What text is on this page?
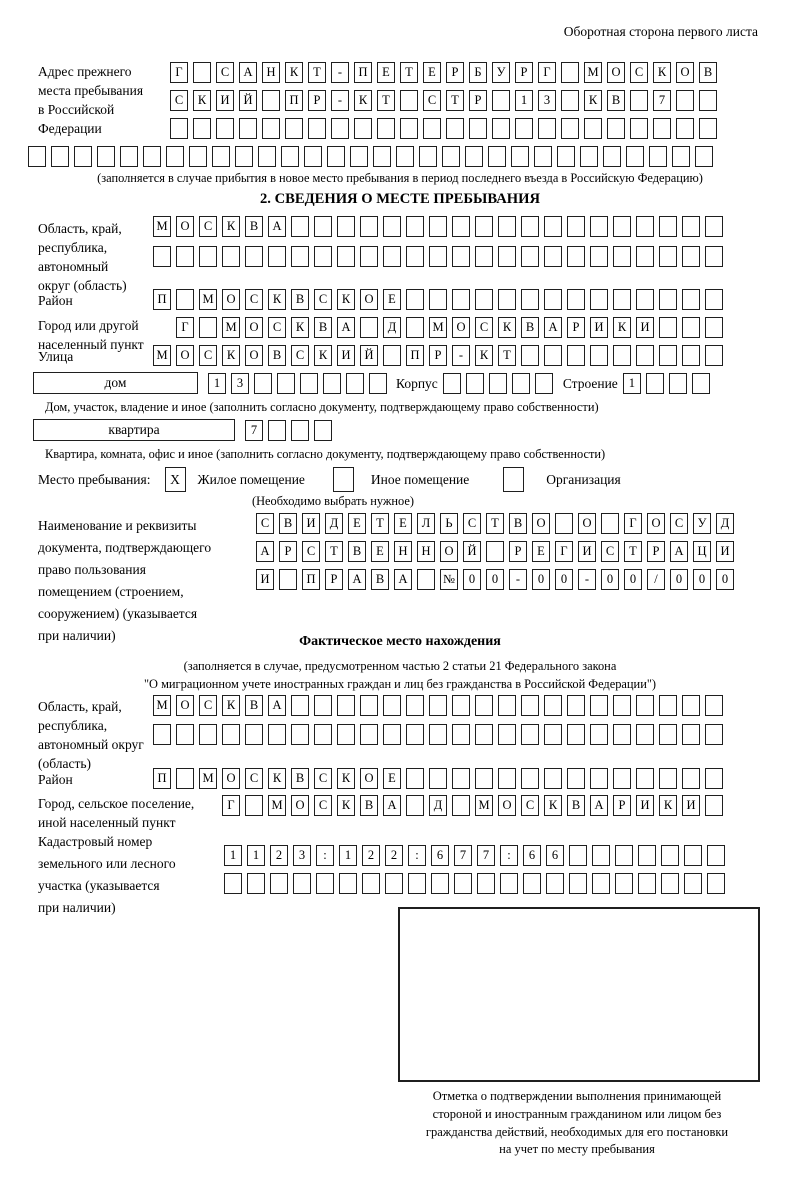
Оборотная сторона первого листа
Адрес прежнего
места пребывания
в Российской
Федерации
Г	С	А	Н	К	Т	-	П	Е	Т	Е	Р	Б	У	Р	Г	М	О	С	К	О	В
С	К	И	Й	П	Р	-	К	Т	С	Т	Р	1	3	К	В	7
(заполняется в случае прибытия в новое место пребывания в период последнего въезда в Российскую Федерацию)
2. СВЕДЕНИЯ О МЕСТЕ ПРЕБЫВАНИЯ
Область, край,
республика,
автономный
округ (область)
М	О	С	К	В	А
Район	П	М	О	С	К	В	С	К	О	Е
Город или другой
населенный пункт
Г	М	О	С	К	В	А	Д	М	О	С	К	В	А	Р	И	К	И
Улица	М	О	С	К	О	В	С	К	И	Й	П	Р	-	К	Т
дом	1	3	Корпус	Строение 1
Дом, участок, владение и иное (заполнить согласно документу, подтверждающему право собственности)
квартира	7
Квартира, комната, офис и иное (заполнить согласно документу, подтверждающему право собственности)
Место пребывания:	X	Жилое помещение	Иное помещение	Организация
(Необходимо выбрать нужное)
Наименование и реквизиты
документа, подтверждающего
право пользования
помещением (строением,
сооружением) (указывается
при наличии)
С	В	И	Д	Е	Т	Е	Л	Ь	С	Т	В	О	О	Г	О	С	У	Д
А	Р	С	Т	В	Е	Н	Н	О	Й	Р	Е	Г	И	С	Т	Р	А	Ц	И
И	П	Р	А	В	А	№	0	0	-	0	0	-	0	0	/	0	0	0
Фактическое место нахождения
(заполняется в случае, предусмотренном частью 2 статьи 21 Федерального закона
"О миграционном учете иностранных граждан и лиц без гражданства в Российской Федерации")
Область, край,
республика,
автономный округ
(область)
М	О	С	К	В	А
Район	П	М	О	С	К	В	С	К	О	Е
Город, сельское поселение,
иной населенный пункт
Г	М	О	С	К	В	А	Д	М	О	С	К	В	А	Р	И	К	И
Кадастровый номер
земельного или лесного
участка (указывается
при наличии)
1	1	2	3	:	1	2	2	:	6	7	7	:	6	6
Отметка о подтверждении выполнения принимающей
стороной и иностранным гражданином или лицом без
гражданства действий, необходимых для его постановки
на учет по месту пребывания
